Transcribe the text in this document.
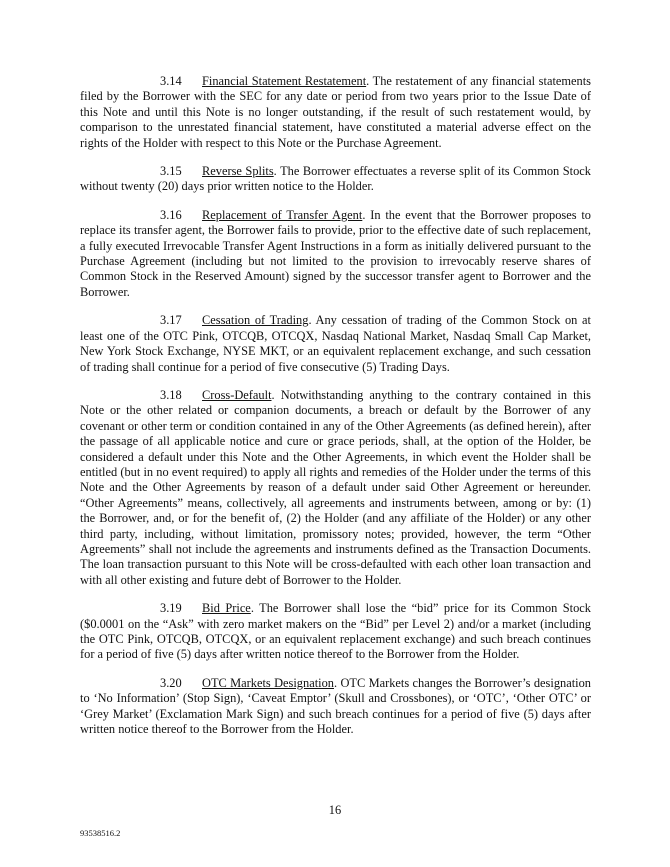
3.14 Financial Statement Restatement. The restatement of any financial statements filed by the Borrower with the SEC for any date or period from two years prior to the Issue Date of this Note and until this Note is no longer outstanding, if the result of such restatement would, by comparison to the unrestated financial statement, have constituted a material adverse effect on the rights of the Holder with respect to this Note or the Purchase Agreement.

3.15 Reverse Splits. The Borrower effectuates a reverse split of its Common Stock without twenty (20) days prior written notice to the Holder.

3.16 Replacement of Transfer Agent. In the event that the Borrower proposes to replace its transfer agent, the Borrower fails to provide, prior to the effective date of such replacement, a fully executed Irrevocable Transfer Agent Instructions in a form as initially delivered pursuant to the Purchase Agreement (including but not limited to the provision to irrevocably reserve shares of Common Stock in the Reserved Amount) signed by the successor transfer agent to Borrower and the Borrower.

3.17 Cessation of Trading. Any cessation of trading of the Common Stock on at least one of the OTC Pink, OTCQB, OTCQX, Nasdaq National Market, Nasdaq Small Cap Market, New York Stock Exchange, NYSE MKT, or an equivalent replacement exchange, and such cessation of trading shall continue for a period of five consecutive (5) Trading Days.

3.18 Cross-Default. Notwithstanding anything to the contrary contained in this Note or the other related or companion documents, a breach or default by the Borrower of any covenant or other term or condition contained in any of the Other Agreements (as defined herein), after the passage of all applicable notice and cure or grace periods, shall, at the option of the Holder, be considered a default under this Note and the Other Agreements, in which event the Holder shall be entitled (but in no event required) to apply all rights and remedies of the Holder under the terms of this Note and the Other Agreements by reason of a default under said Other Agreement or hereunder. “Other Agreements” means, collectively, all agreements and instruments between, among or by: (1) the Borrower, and, or for the benefit of, (2) the Holder (and any affiliate of the Holder) or any other third party, including, without limitation, promissory notes; provided, however, the term “Other Agreements” shall not include the agreements and instruments defined as the Transaction Documents. The loan transaction pursuant to this Note will be cross-defaulted with each other loan transaction and with all other existing and future debt of Borrower to the Holder.

3.19 Bid Price. The Borrower shall lose the “bid” price for its Common Stock ($0.0001 on the “Ask” with zero market makers on the “Bid” per Level 2) and/or a market (including the OTC Pink, OTCQB, OTCQX, or an equivalent replacement exchange) and such breach continues for a period of five (5) days after written notice thereof to the Borrower from the Holder.

3.20 OTC Markets Designation. OTC Markets changes the Borrower’s designation to ‘No Information’ (Stop Sign), ‘Caveat Emptor’ (Skull and Crossbones), or ‘OTC’, ‘Other OTC’ or ‘Grey Market’ (Exclamation Mark Sign) and such breach continues for a period of five (5) days after written notice thereof to the Borrower from the Holder.

16
93538516.2
